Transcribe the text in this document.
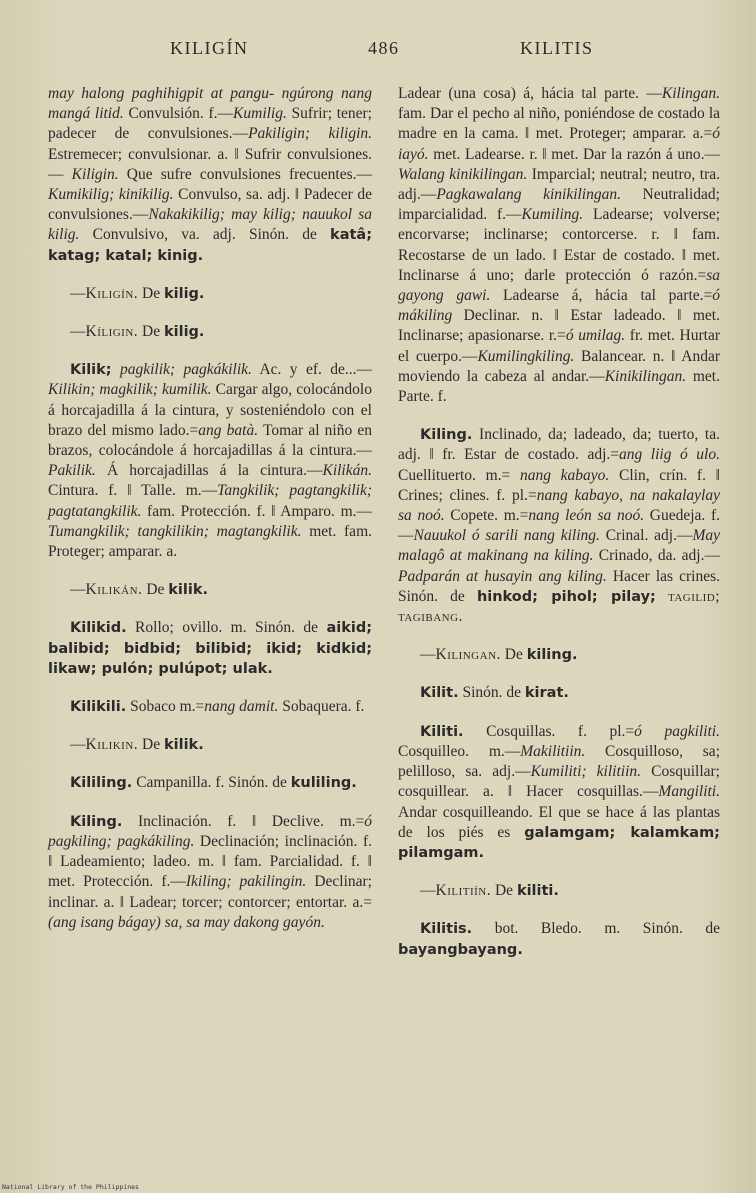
KILIGÍN	486	KILITIS

may halong paghihigpit at pangu- ngúrong nang mangá litid. Convulsión. f.—Kumilig. Sufrir; tener; padecer de convulsiones.—Pakiligin; kiligin. Estremecer; convulsionar. a. ‖ Sufrir convulsiones. — Kiligin. Que sufre convulsiones frecuentes.— Kumikilig; kinikilig. Convulso, sa. adj. ‖ Padecer de convulsiones.—Nakakikilig; may kilig; nauukol sa kilig. Convulsivo, va. adj. Sinón. de katâ; katag; katal; kinig.

—Kiligín. De kilig.

—Kíligin. De kilig.

Kilik; pagkilik; pagkákilik. Ac. y ef. de...—Kilikin; magkilik; kumilik. Cargar algo, colocándolo á horcajadilla á la cintura, y sosteniéndolo con el brazo del mismo lado.=ang batà. Tomar al niño en brazos, colocándole á horcajadillas á la cintura.—Pakilik. Á horcajadillas á la cintura.—Kilikán. Cintura. f. ‖ Talle. m.—Tangkilik; pagtangkilik; pagtatangkilik. fam. Protección. f. ‖ Amparo. m.—Tumangkilik; tangkilikin; magtangkilik. met. fam. Proteger; amparar. a.

—Kilikán. De kilik.

Kilikid. Rollo; ovillo. m. Sinón. de aikid; balibid; bidbid; bilibid; ikid; kidkid; likaw; pulón; pulúpot; ulak.

Kilikili. Sobaco m.=nang damit. Sobaquera. f.

—Kilikin. De kilik.

Kililing. Campanilla. f. Sinón. de kuliling.

Kiling. Inclinación. f. ‖ Declive. m.=ó pagkiling; pagkákiling. Declinación; inclinación. f. ‖ Ladeamiento; ladeo. m. ‖ fam. Parcialidad. f. ‖ met. Protección. f.—Ikiling; pakilingin. Declinar; inclinar. a. ‖ Ladear; torcer; contorcer; entortar. a.=(ang isang bágay) sa, sa may dakong gayón.

Ladear (una cosa) á, hácia tal parte. —Kilingan. fam. Dar el pecho al niño, poniéndose de costado la madre en la cama. ‖ met. Proteger; amparar. a.=ó iayó. met. Ladearse. r. ‖ met. Dar la razón á uno.—Walang kinikilingan. Imparcial; neutral; neutro, tra. adj.—Pagkawalang kinikilingan. Neutralidad; imparcialidad. f.—Kumiling. Ladearse; volverse; encorvarse; inclinarse; contorcerse. r. ‖ fam. Recostarse de un lado. ‖ Estar de costado. ‖ met. Inclinarse á uno; darle protección ó razón.=sa gayong gawi. Ladearse á, hácia tal parte.=ó mákiling Declinar. n. ‖ Estar ladeado. ‖ met. Inclinarse; apasionarse. r.=ó umilag. fr. met. Hurtar el cuerpo.—Kumilingkiling. Balancear. n. ‖ Andar moviendo la cabeza al andar.—Kinikilingan. met. Parte. f.

Kiling. Inclinado, da; ladeado, da; tuerto, ta. adj. ‖ fr. Estar de costado. adj.=ang liig ó ulo. Cuellituerto. m.= nang kabayo. Clin, crín. f. ‖ Crines; clines. f. pl.=nang kabayo, na nakalaylay sa noó. Copete. m.=nang león sa noó. Guedeja. f.—Nauukol ó sarili nang kiling. Crinal. adj.—May malagô at makinang na kiling. Crinado, da. adj.—Padparán at husayin ang kiling. Hacer las crines. Sinón. de hinkod; pihol; pilay; tagilid; tagibang.

—Kilingan. De kiling.

Kilit. Sinón. de kirat.

Kiliti. Cosquillas. f. pl.=ó pagkiliti. Cosquilleo. m.—Makilitiin. Cosquilloso, sa; pelilloso, sa. adj.—Kumiliti; kilitiin. Cosquillar; cosquillear. a. ‖ Hacer cosquillas.—Mangiliti. Andar cosquilleando. El que se hace á las plantas de los piés es galamgam; kalamkam; pilamgam.

—Kilitiín. De kiliti.

Kilitis. bot. Bledo. m. Sinón. de bayangbayang.

National Library of the Philippines
